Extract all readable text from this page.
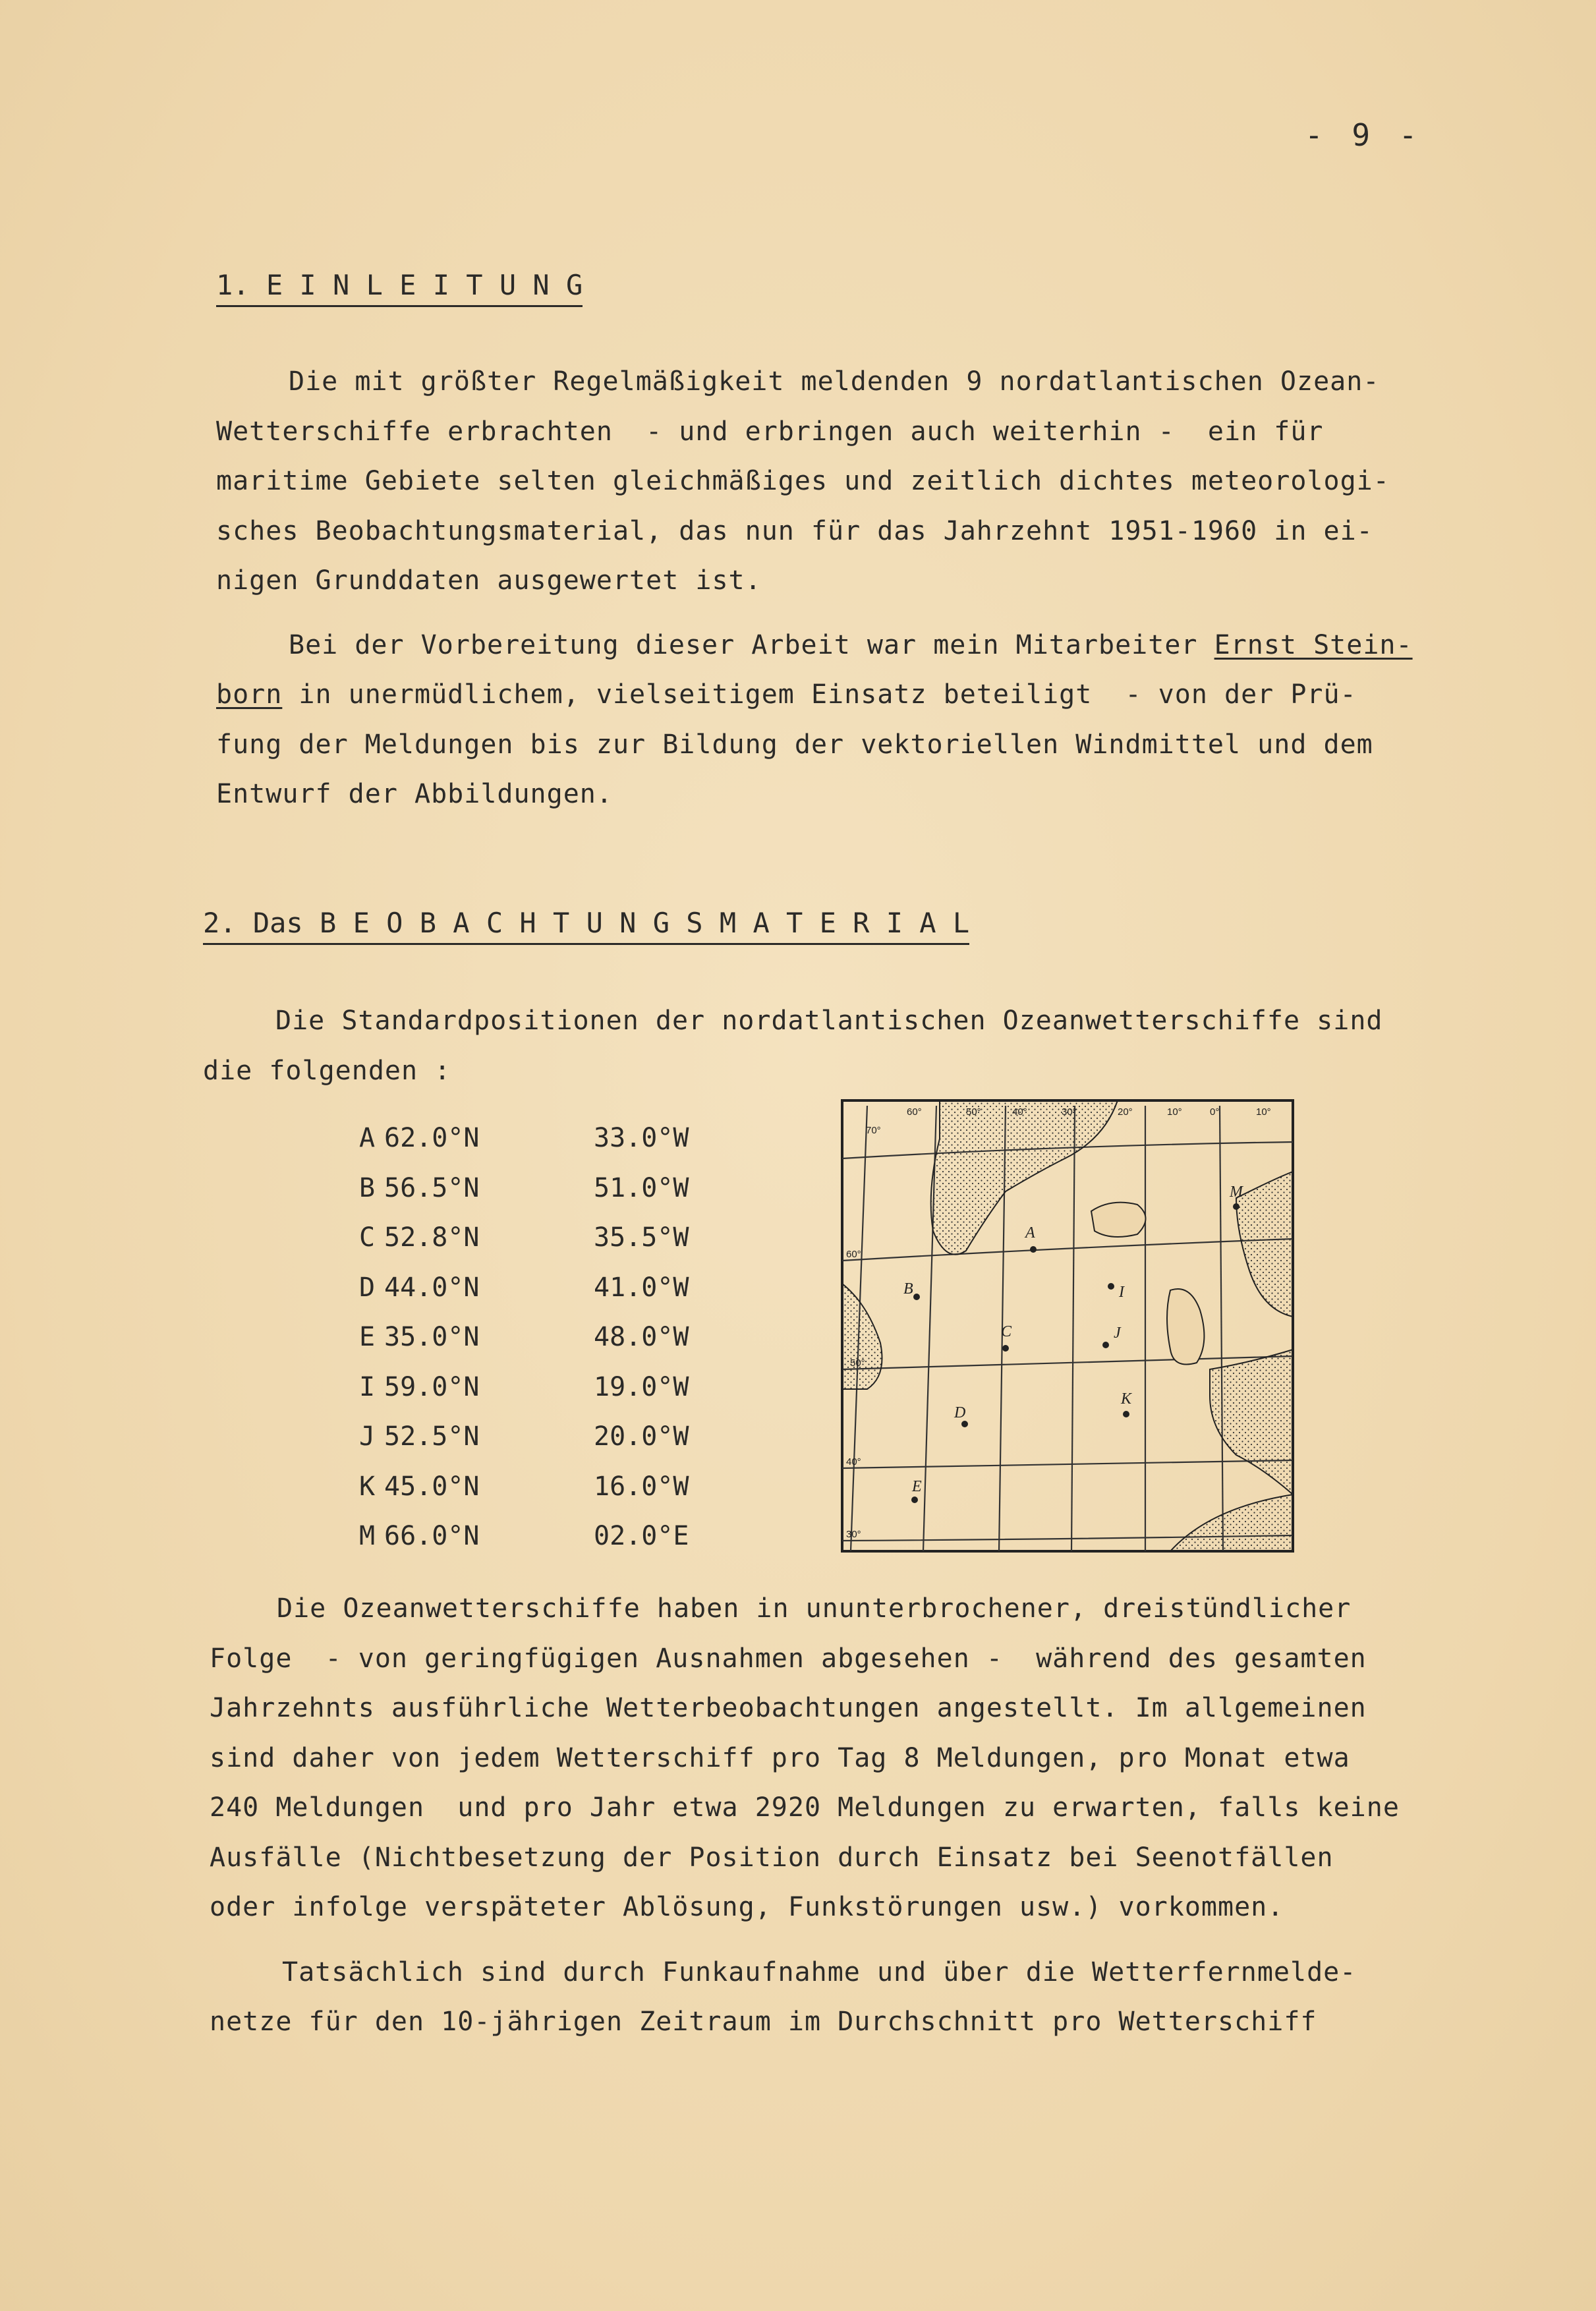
- 9 -
1. E I N L E I T U N G
Die mit größter Regelmäßigkeit meldenden 9 nordatlantischen Ozean-
Wetterschiffe erbrachten  - und erbringen auch weiterhin -  ein für
maritime Gebiete selten gleichmäßiges und zeitlich dichtes meteorologi-
sches Beobachtungsmaterial, das nun für das Jahrzehnt 1951-1960 in ei-
nigen Grunddaten ausgewertet ist.
Bei der Vorbereitung dieser Arbeit war mein Mitarbeiter Ernst Stein-
born in unermüdlichem, vielseitigem Einsatz beteiligt  - von der Prü-
fung der Meldungen bis zur Bildung der vektoriellen Windmittel und dem
Entwurf der Abbildungen.
2. Das B E O B A C H T U N G S M A T E R I A L
Die Standardpositionen der nordatlantischen Ozeanwetterschiffe sind
die folgenden :
A 62.0°N	33.0°W
B 56.5°N	51.0°W
C 52.8°N	35.5°W
D 44.0°N	41.0°W
E 35.0°N	48.0°W
I 59.0°N	19.0°W
J 52.5°N	20.0°W
K 45.0°N	16.0°W
M 66.0°N	02.0°E
60°	50°	40°	30°	20°	10°	0°	10°
70°
60°
50°
40°
30°
A
B
C
D
E
I
J
K
M
Die Ozeanwetterschiffe haben in ununterbrochener, dreistündlicher
Folge  - von geringfügigen Ausnahmen abgesehen -  während des gesamten
Jahrzehnts ausführliche Wetterbeobachtungen angestellt. Im allgemeinen
sind daher von jedem Wetterschiff pro Tag 8 Meldungen, pro Monat etwa
240 Meldungen  und pro Jahr etwa 2920 Meldungen zu erwarten, falls keine
Ausfälle (Nichtbesetzung der Position durch Einsatz bei Seenotfällen
oder infolge verspäteter Ablösung, Funkstörungen usw.) vorkommen.
Tatsächlich sind durch Funkaufnahme und über die Wetterfernmelde-
netze für den 10-jährigen Zeitraum im Durchschnitt pro Wetterschiff
